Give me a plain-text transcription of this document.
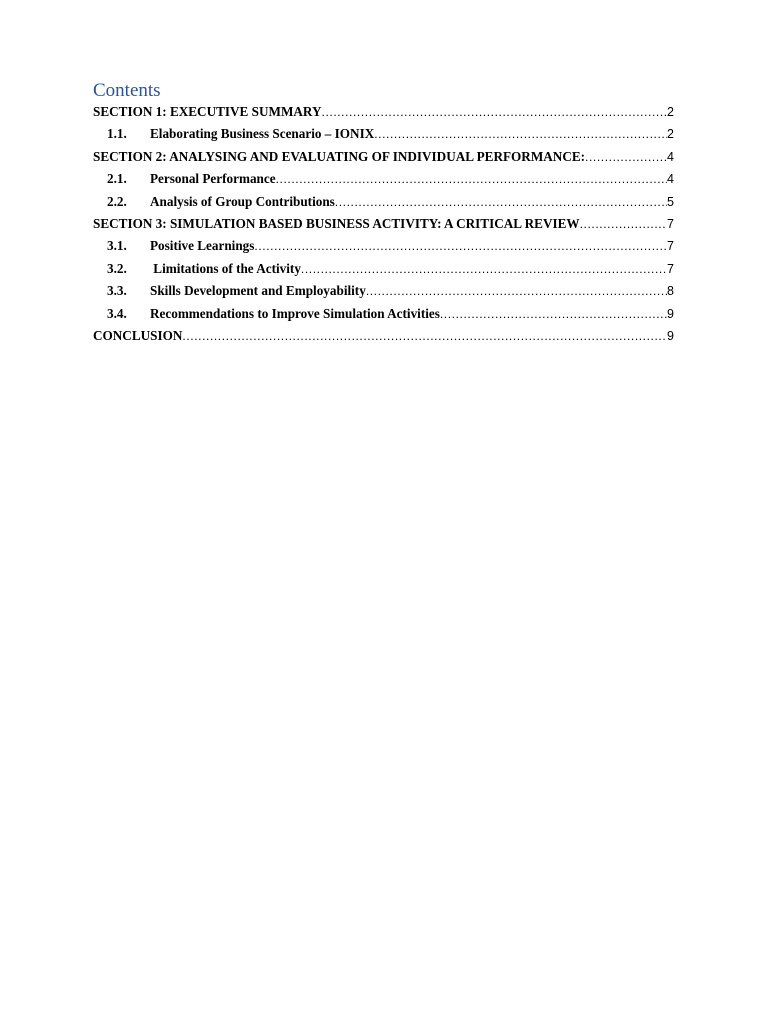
Contents
SECTION 1: EXECUTIVE SUMMARY .....	2
1.1.	Elaborating Business Scenario – IONIX .....	2
SECTION 2: ANALYSING AND EVALUATING OF INDIVIDUAL PERFORMANCE: .....	4
2.1.	Personal Performance .....	4
2.2.	Analysis of Group Contributions .....	5
SECTION 3: SIMULATION BASED BUSINESS ACTIVITY: A CRITICAL REVIEW .....	7
3.1.	Positive Learnings .....	7
3.2.	Limitations of the Activity .....	7
3.3.	Skills Development and Employability .....	8
3.4.	Recommendations to Improve Simulation Activities .....	9
CONCLUSION .....	9
